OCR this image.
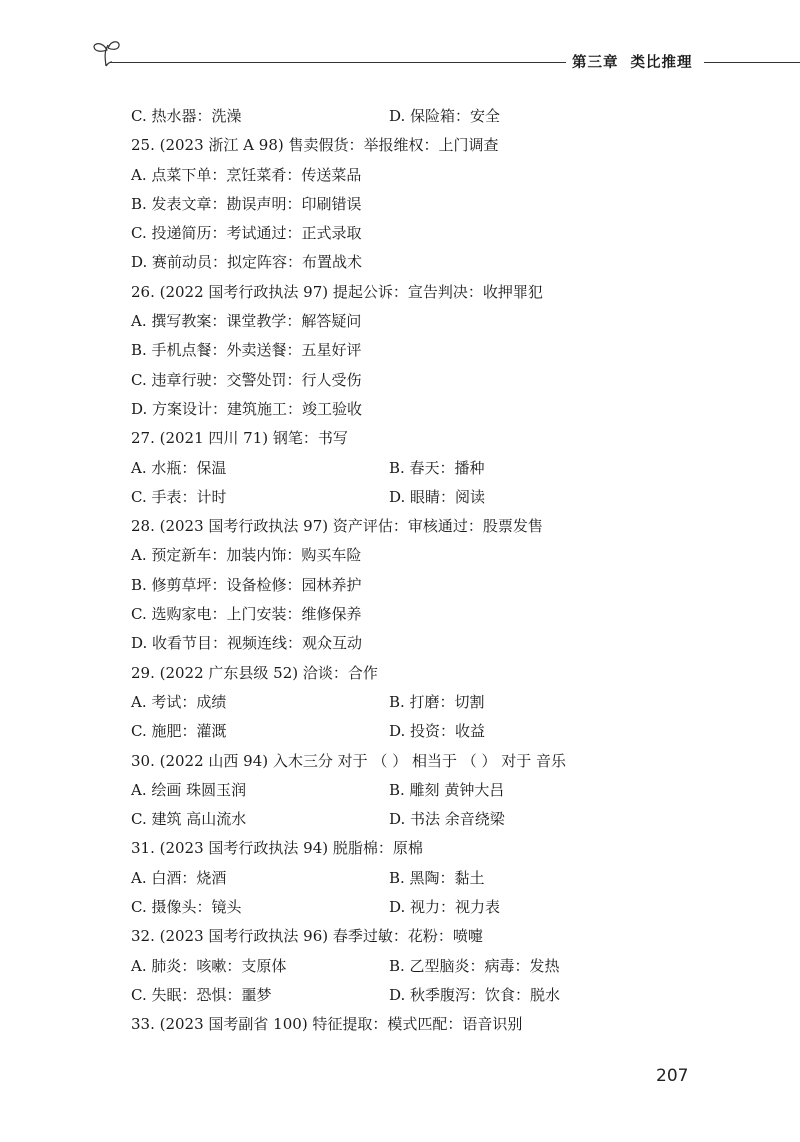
第三章 类比推理
C. 热水器：洗澡	D. 保险箱：安全
25. (2023 浙江 A 98) 售卖假货：举报维权：上门调查
A. 点菜下单：烹饪菜肴：传送菜品
B. 发表文章：勘误声明：印刷错误
C. 投递简历：考试通过：正式录取
D. 赛前动员：拟定阵容：布置战术
26. (2022 国考行政执法 97) 提起公诉：宣告判决：收押罪犯
A. 撰写教案：课堂教学：解答疑问
B. 手机点餐：外卖送餐：五星好评
C. 违章行驶：交警处罚：行人受伤
D. 方案设计：建筑施工：竣工验收
27. (2021 四川 71) 钢笔：书写
A. 水瓶：保温	B. 春天：播种
C. 手表：计时	D. 眼睛：阅读
28. (2023 国考行政执法 97) 资产评估：审核通过：股票发售
A. 预定新车：加装内饰：购买车险
B. 修剪草坪：设备检修：园林养护
C. 选购家电：上门安装：维修保养
D. 收看节目：视频连线：观众互动
29. (2022 广东县级 52) 洽谈：合作
A. 考试：成绩	B. 打磨：切割
C. 施肥：灌溉	D. 投资：收益
30. (2022 山西 94) 入木三分 对于 （ ） 相当于 （ ） 对于 音乐
A. 绘画 珠圆玉润	B. 雕刻 黄钟大吕
C. 建筑 高山流水	D. 书法 余音绕梁
31. (2023 国考行政执法 94) 脱脂棉：原棉
A. 白酒：烧酒	B. 黑陶：黏土
C. 摄像头：镜头	D. 视力：视力表
32. (2023 国考行政执法 96) 春季过敏：花粉：喷嚏
A. 肺炎：咳嗽：支原体	B. 乙型脑炎：病毒：发热
C. 失眠：恐惧：噩梦	D. 秋季腹泻：饮食：脱水
33. (2023 国考副省 100) 特征提取：模式匹配：语音识别
207
